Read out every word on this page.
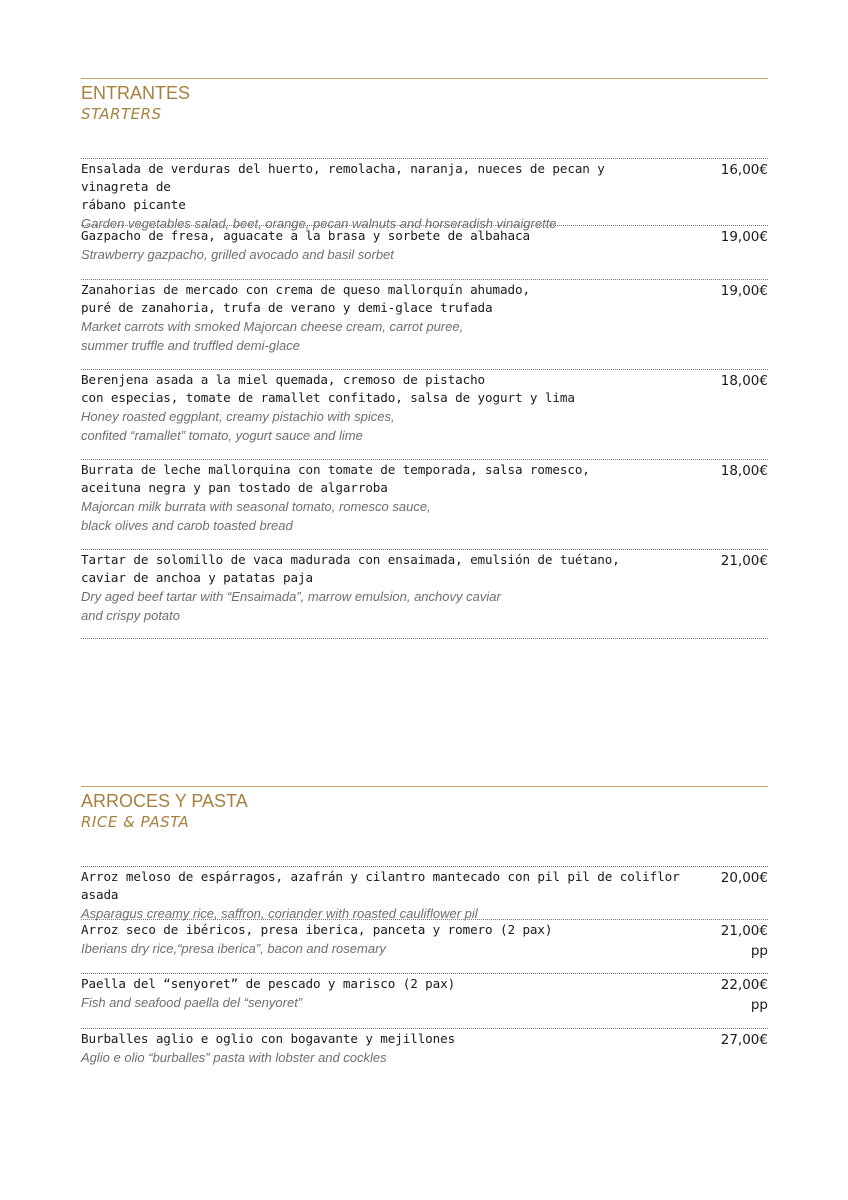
ENTRANTES
STARTERS
16,00€
Ensalada de verduras del huerto, remolacha, naranja, nueces de pecan y vinagreta de
rábano picante
Garden vegetables salad, beet, orange, pecan walnuts and horseradish vinaigrette
19,00€
Gazpacho de fresa, aguacate a la brasa y sorbete de albahaca
Strawberry gazpacho, grilled avocado and basil sorbet
19,00€
Zanahorias de mercado con crema de queso mallorquín ahumado,
puré de zanahoria, trufa de verano y demi-glace trufada
Market carrots with smoked Majorcan cheese cream, carrot puree,
summer truffle and truffled demi-glace
18,00€
Berenjena asada a la miel quemada, cremoso de pistacho
con especias, tomate de ramallet confitado, salsa de yogurt y lima
Honey roasted eggplant, creamy pistachio with spices,
confited “ramallet” tomato, yogurt sauce and lime
18,00€
Burrata de leche mallorquina con tomate de temporada, salsa romesco,
aceituna negra y pan tostado de algarroba
Majorcan milk burrata with seasonal tomato, romesco sauce,
black olives and carob toasted bread
21,00€
Tartar de solomillo de vaca madurada con ensaimada, emulsión de tuétano,
caviar de anchoa y patatas paja
Dry aged beef tartar with “Ensaimada”, marrow emulsion, anchovy caviar
and crispy potato
ARROCES Y PASTA
RICE & PASTA
20,00€
Arroz meloso de espárragos, azafrán y cilantro mantecado con pil pil de coliflor asada
Asparagus creamy rice, saffron, coriander with roasted cauliflower pil
21,00€
pp
Arroz seco de ibéricos, presa iberica, panceta y romero (2 pax)
Iberians dry rice,“presa iberica”, bacon and rosemary
22,00€
pp
Paella del “senyoret” de pescado y marisco (2 pax)
Fish and seafood paella del “senyoret”
27,00€
Burballes aglio e oglio con bogavante y mejillones
Aglio e olio “burballes” pasta with lobster and cockles
